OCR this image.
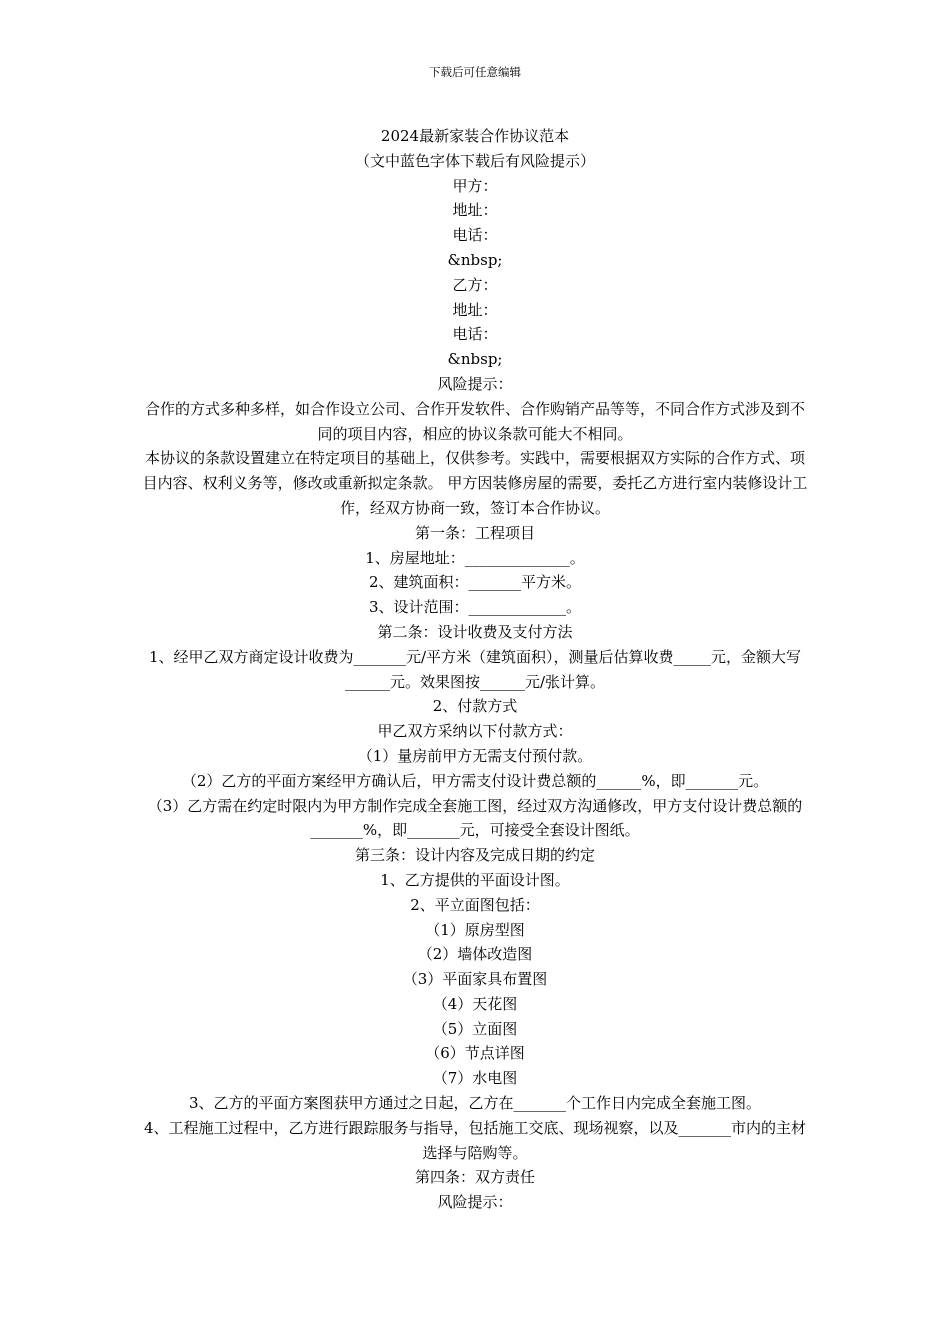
下载后可任意编辑
2024最新家装合作协议范本
（文中蓝色字体下载后有风险提示）
甲方：
地址：
电话：
&nbsp;
乙方：
地址：
电话：
&nbsp;
风险提示：

合作的方式多种多样，如合作设立公司、合作开发软件、合作购销产品等等，不同合作方式涉及到不同的项目内容，相应的协议条款可能大不相同。

本协议的条款设置建立在特定项目的基础上，仅供参考。实践中，需要根据双方实际的合作方式、项目内容、权利义务等，修改或重新拟定条款。 甲方因装修房屋的需要，委托乙方进行室内装修设计工作，经双方协商一致，签订本合作协议。

第一条：工程项目
1、房屋地址：______________。
2、建筑面积：_______平方米。
3、设计范围：_____________。
第二条：设计收费及支付方法

1、经甲乙双方商定设计收费为_______元/平方米（建筑面积），测量后估算收费_____元，金额大写______元。效果图按______元/张计算。

2、付款方式
甲乙双方采纳以下付款方式：
（1）量房前甲方无需支付预付款。

（2）乙方的平面方案经甲方确认后，甲方需支付设计费总额的______%，即_______元。

（3）乙方需在约定时限内为甲方制作完成全套施工图，经过双方沟通修改，甲方支付设计费总额的_______%，即_______元，可接受全套设计图纸。

第三条：设计内容及完成日期的约定
1、乙方提供的平面设计图。
2、平立面图包括：
（1）原房型图
（2）墙体改造图
（3）平面家具布置图
（4）天花图
（5）立面图
（6）节点详图
（7）水电图

3、乙方的平面方案图获甲方通过之日起，乙方在_______个工作日内完成全套施工图。

4、工程施工过程中，乙方进行跟踪服务与指导，包括施工交底、现场视察，以及_______市内的主材选择与陪购等。

第四条：双方责任
风险提示：
